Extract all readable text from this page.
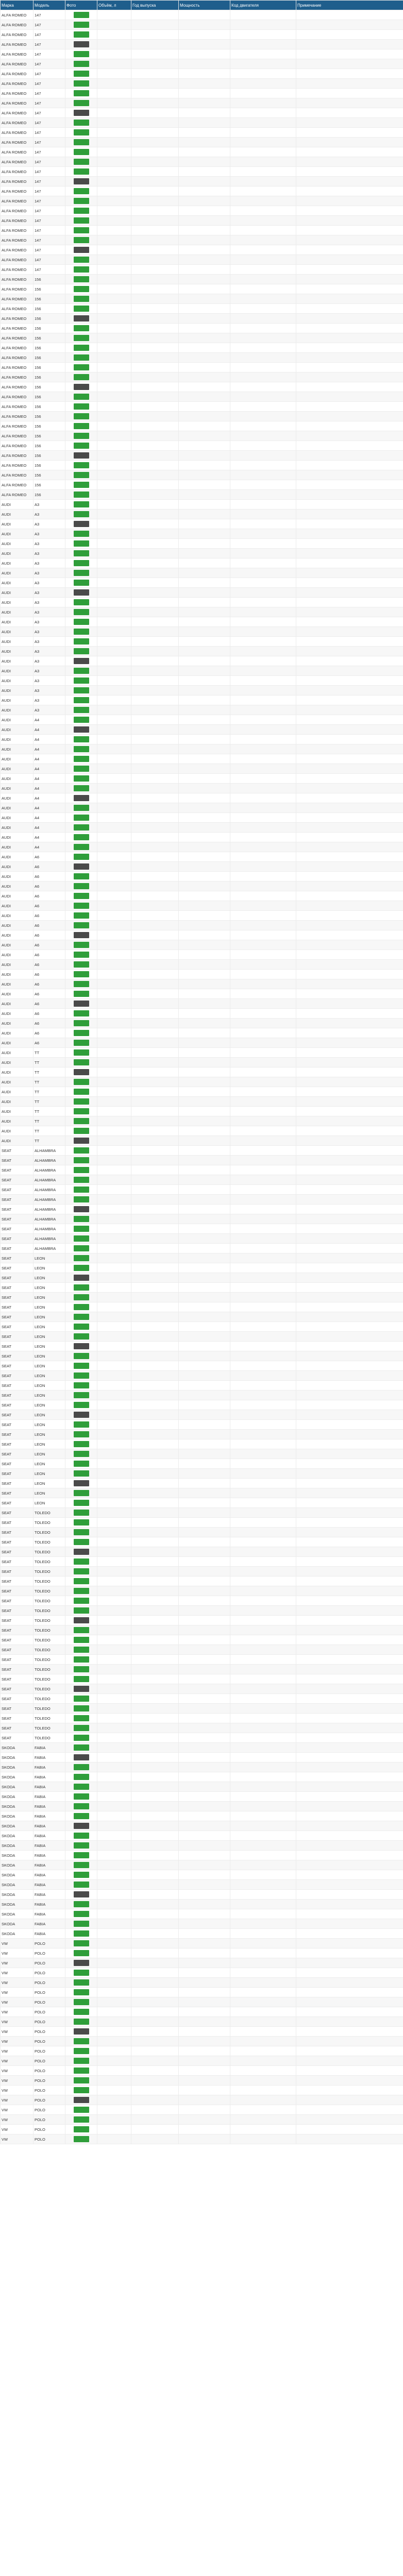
Марка	Модель	Фото	Объём, л	Год выпуска	Мощность	Код двигателя	Примечание
ALFA ROMEO	147						
ALFA ROMEO	147						
ALFA ROMEO	147						
ALFA ROMEO	147						
ALFA ROMEO	147						
ALFA ROMEO	147						
ALFA ROMEO	147						
ALFA ROMEO	147						
ALFA ROMEO	147						
ALFA ROMEO	147						
ALFA ROMEO	147						
ALFA ROMEO	147						
ALFA ROMEO	147						
ALFA ROMEO	147						
ALFA ROMEO	147						
ALFA ROMEO	147						
ALFA ROMEO	147						
ALFA ROMEO	147						
ALFA ROMEO	147						
ALFA ROMEO	147						
ALFA ROMEO	147						
ALFA ROMEO	147						
ALFA ROMEO	147						
ALFA ROMEO	147						
ALFA ROMEO	147						
ALFA ROMEO	147						
ALFA ROMEO	147						
ALFA ROMEO	156						
ALFA ROMEO	156						
ALFA ROMEO	156						
ALFA ROMEO	156						
ALFA ROMEO	156						
ALFA ROMEO	156						
ALFA ROMEO	156						
ALFA ROMEO	156						
ALFA ROMEO	156						
ALFA ROMEO	156						
ALFA ROMEO	156						
ALFA ROMEO	156						
ALFA ROMEO	156						
ALFA ROMEO	156						
ALFA ROMEO	156						
ALFA ROMEO	156						
ALFA ROMEO	156						
ALFA ROMEO	156						
ALFA ROMEO	156						
ALFA ROMEO	156						
ALFA ROMEO	156						
ALFA ROMEO	156						
ALFA ROMEO	156						
AUDI	A3						
AUDI	A3						
AUDI	A3						
AUDI	A3						
AUDI	A3						
AUDI	A3						
AUDI	A3						
AUDI	A3						
AUDI	A3						
AUDI	A3						
AUDI	A3						
AUDI	A3						
AUDI	A3						
AUDI	A3						
AUDI	A3						
AUDI	A3						
AUDI	A3						
AUDI	A3						
AUDI	A3						
AUDI	A3						
AUDI	A3						
AUDI	A3						
AUDI	A4						
AUDI	A4						
AUDI	A4						
AUDI	A4						
AUDI	A4						
AUDI	A4						
AUDI	A4						
AUDI	A4						
AUDI	A4						
AUDI	A4						
AUDI	A4						
AUDI	A4						
AUDI	A4						
AUDI	A4						
AUDI	A6						
AUDI	A6						
AUDI	A6						
AUDI	A6						
AUDI	A6						
AUDI	A6						
AUDI	A6						
AUDI	A6						
AUDI	A6						
AUDI	A6						
AUDI	A6						
AUDI	A6						
AUDI	A6						
AUDI	A6						
AUDI	A6						
AUDI	A6						
AUDI	A6						
AUDI	A6						
AUDI	A6						
AUDI	A6						
AUDI	TT						
AUDI	TT						
AUDI	TT						
AUDI	TT						
AUDI	TT						
AUDI	TT						
AUDI	TT						
AUDI	TT						
AUDI	TT						
AUDI	TT						
SEAT	ALHAMBRA						
SEAT	ALHAMBRA						
SEAT	ALHAMBRA						
SEAT	ALHAMBRA						
SEAT	ALHAMBRA						
SEAT	ALHAMBRA						
SEAT	ALHAMBRA						
SEAT	ALHAMBRA						
SEAT	ALHAMBRA						
SEAT	ALHAMBRA						
SEAT	ALHAMBRA						
SEAT	LEON						
SEAT	LEON						
SEAT	LEON						
SEAT	LEON						
SEAT	LEON						
SEAT	LEON						
SEAT	LEON						
SEAT	LEON						
SEAT	LEON						
SEAT	LEON						
SEAT	LEON						
SEAT	LEON						
SEAT	LEON						
SEAT	LEON						
SEAT	LEON						
SEAT	LEON						
SEAT	LEON						
SEAT	LEON						
SEAT	LEON						
SEAT	LEON						
SEAT	LEON						
SEAT	LEON						
SEAT	LEON						
SEAT	LEON						
SEAT	LEON						
SEAT	LEON						
SEAT	TOLEDO						
SEAT	TOLEDO						
SEAT	TOLEDO						
SEAT	TOLEDO						
SEAT	TOLEDO						
SEAT	TOLEDO						
SEAT	TOLEDO						
SEAT	TOLEDO						
SEAT	TOLEDO						
SEAT	TOLEDO						
SEAT	TOLEDO						
SEAT	TOLEDO						
SEAT	TOLEDO						
SEAT	TOLEDO						
SEAT	TOLEDO						
SEAT	TOLEDO						
SEAT	TOLEDO						
SEAT	TOLEDO						
SEAT	TOLEDO						
SEAT	TOLEDO						
SEAT	TOLEDO						
SEAT	TOLEDO						
SEAT	TOLEDO						
SEAT	TOLEDO						
SKODA	FABIA						
SKODA	FABIA						
SKODA	FABIA						
SKODA	FABIA						
SKODA	FABIA						
SKODA	FABIA						
SKODA	FABIA						
SKODA	FABIA						
SKODA	FABIA						
SKODA	FABIA						
SKODA	FABIA						
SKODA	FABIA						
SKODA	FABIA						
SKODA	FABIA						
SKODA	FABIA						
SKODA	FABIA						
SKODA	FABIA						
SKODA	FABIA						
SKODA	FABIA						
SKODA	FABIA						
VW	POLO						
VW	POLO						
VW	POLO						
VW	POLO						
VW	POLO						
VW	POLO						
VW	POLO						
VW	POLO						
VW	POLO						
VW	POLO						
VW	POLO						
VW	POLO						
VW	POLO						
VW	POLO						
VW	POLO						
VW	POLO						
VW	POLO						
VW	POLO						
VW	POLO						
VW	POLO						
VW	POLO						
